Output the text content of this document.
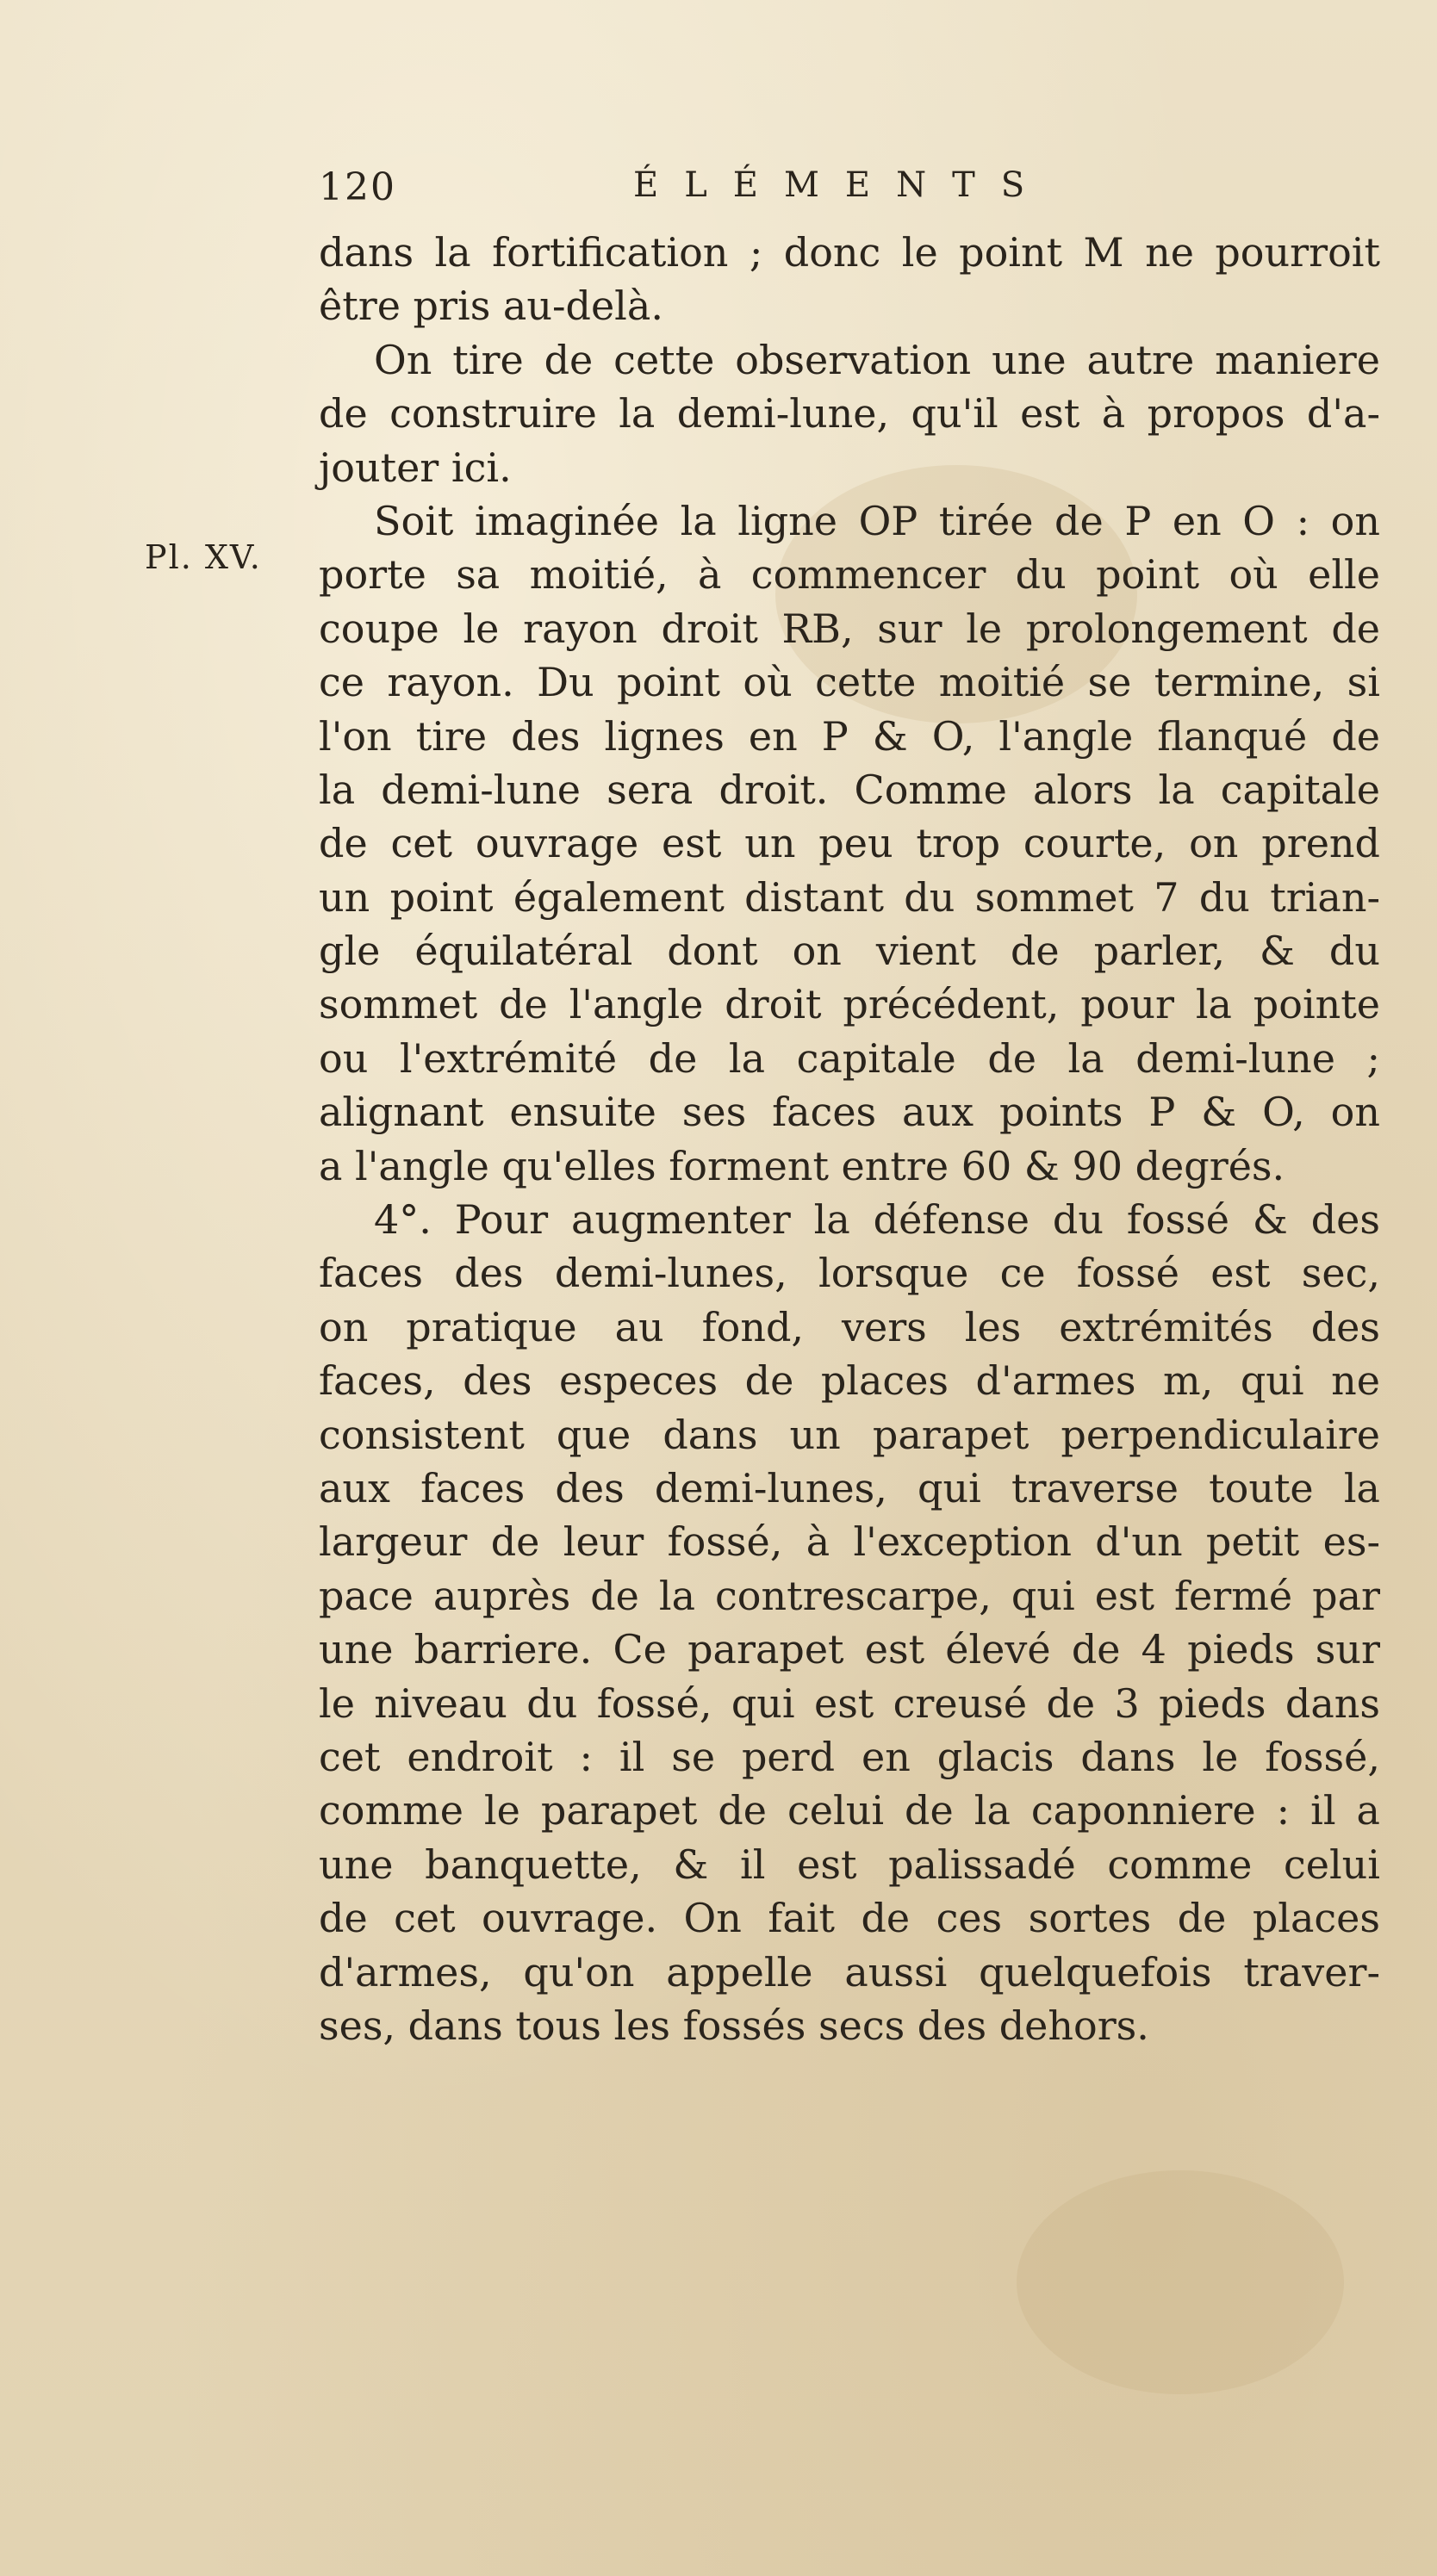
120	ÉLÉMENTS
Pl. XV.
dans la fortification ; donc le point M ne pourroit
être pris au-delà.
On tire de cette observation une autre maniere
de construire la demi-lune, qu'il est à propos d'a-
jouter ici.
Soit imaginée la ligne OP tirée de P en O : on
porte sa moitié, à commencer du point où elle
coupe le rayon droit RB, sur le prolongement de
ce rayon. Du point où cette moitié se termine, si
l'on tire des lignes en P & O, l'angle flanqué de
la demi-lune sera droit. Comme alors la capitale
de cet ouvrage est un peu trop courte, on prend
un point également distant du sommet 7 du trian-
gle équilatéral dont on vient de parler, & du
sommet de l'angle droit précédent, pour la pointe
ou l'extrémité de la capitale de la demi-lune ;
alignant ensuite ses faces aux points P & O, on
a l'angle qu'elles forment entre 60 & 90 degrés.
4°. Pour augmenter la défense du fossé & des
faces des demi-lunes, lorsque ce fossé est sec,
on pratique au fond, vers les extrémités des
faces, des especes de places d'armes m, qui ne
consistent que dans un parapet perpendiculaire
aux faces des demi-lunes, qui traverse toute la
largeur de leur fossé, à l'exception d'un petit es-
pace auprès de la contrescarpe, qui est fermé par
une barriere. Ce parapet est élevé de 4 pieds sur
le niveau du fossé, qui est creusé de 3 pieds dans
cet endroit : il se perd en glacis dans le fossé,
comme le parapet de celui de la caponniere : il a
une banquette, & il est palissadé comme celui
de cet ouvrage. On fait de ces sortes de places
d'armes, qu'on appelle aussi quelquefois traver-
ses, dans tous les fossés secs des dehors.
